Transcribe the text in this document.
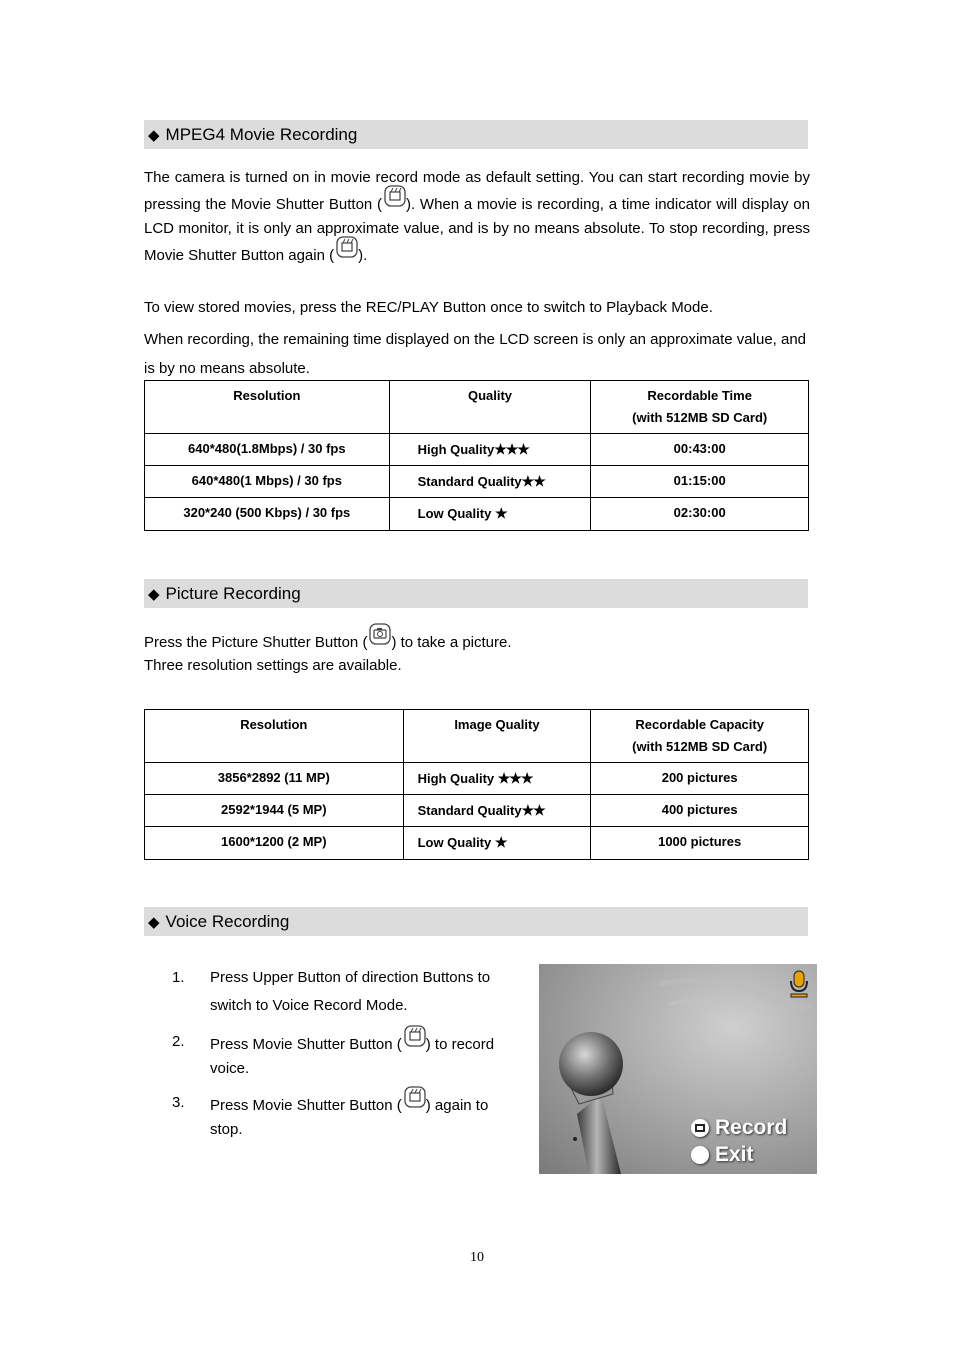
◆ MPEG4 Movie Recording

The camera is turned on in movie record mode as default setting. You can start recording movie by pressing the Movie Shutter Button ( ). When a movie is recording, a time indicator will display on LCD monitor, it is only an approximate value, and is by no means absolute. To stop recording, press Movie Shutter Button again ( ).

To view stored movies, press the REC/PLAY Button once to switch to Playback Mode.

When recording, the remaining time displayed on the LCD screen is only an approximate value, and is by no means absolute.

Resolution	Quality	Recordable Time
(with 512MB SD Card)
640*480(1.8Mbps) / 30 fps	High Quality★★★	00:43:00
640*480(1 Mbps) / 30 fps	Standard Quality★★	01:15:00
320*240 (500 Kbps) / 30 fps	Low Quality ★	02:30:00
◆ Picture Recording

Press the Picture Shutter Button ( ) to take a picture.

Three resolution settings are available.

Resolution	Image Quality	Recordable Capacity
(with 512MB SD Card)
3856*2892 (11 MP)	High Quality ★★★	200 pictures
2592*1944 (5 MP)	Standard Quality★★	400 pictures
1600*1200 (2 MP)	Low Quality ★	1000 pictures
◆ Voice Recording
1. Press Upper Button of direction Buttons to switch to Voice Record Mode.
2. Press Movie Shutter Button ( ) to record voice.
3. Press Movie Shutter Button ( ) again to stop.	Record
Exit
10
